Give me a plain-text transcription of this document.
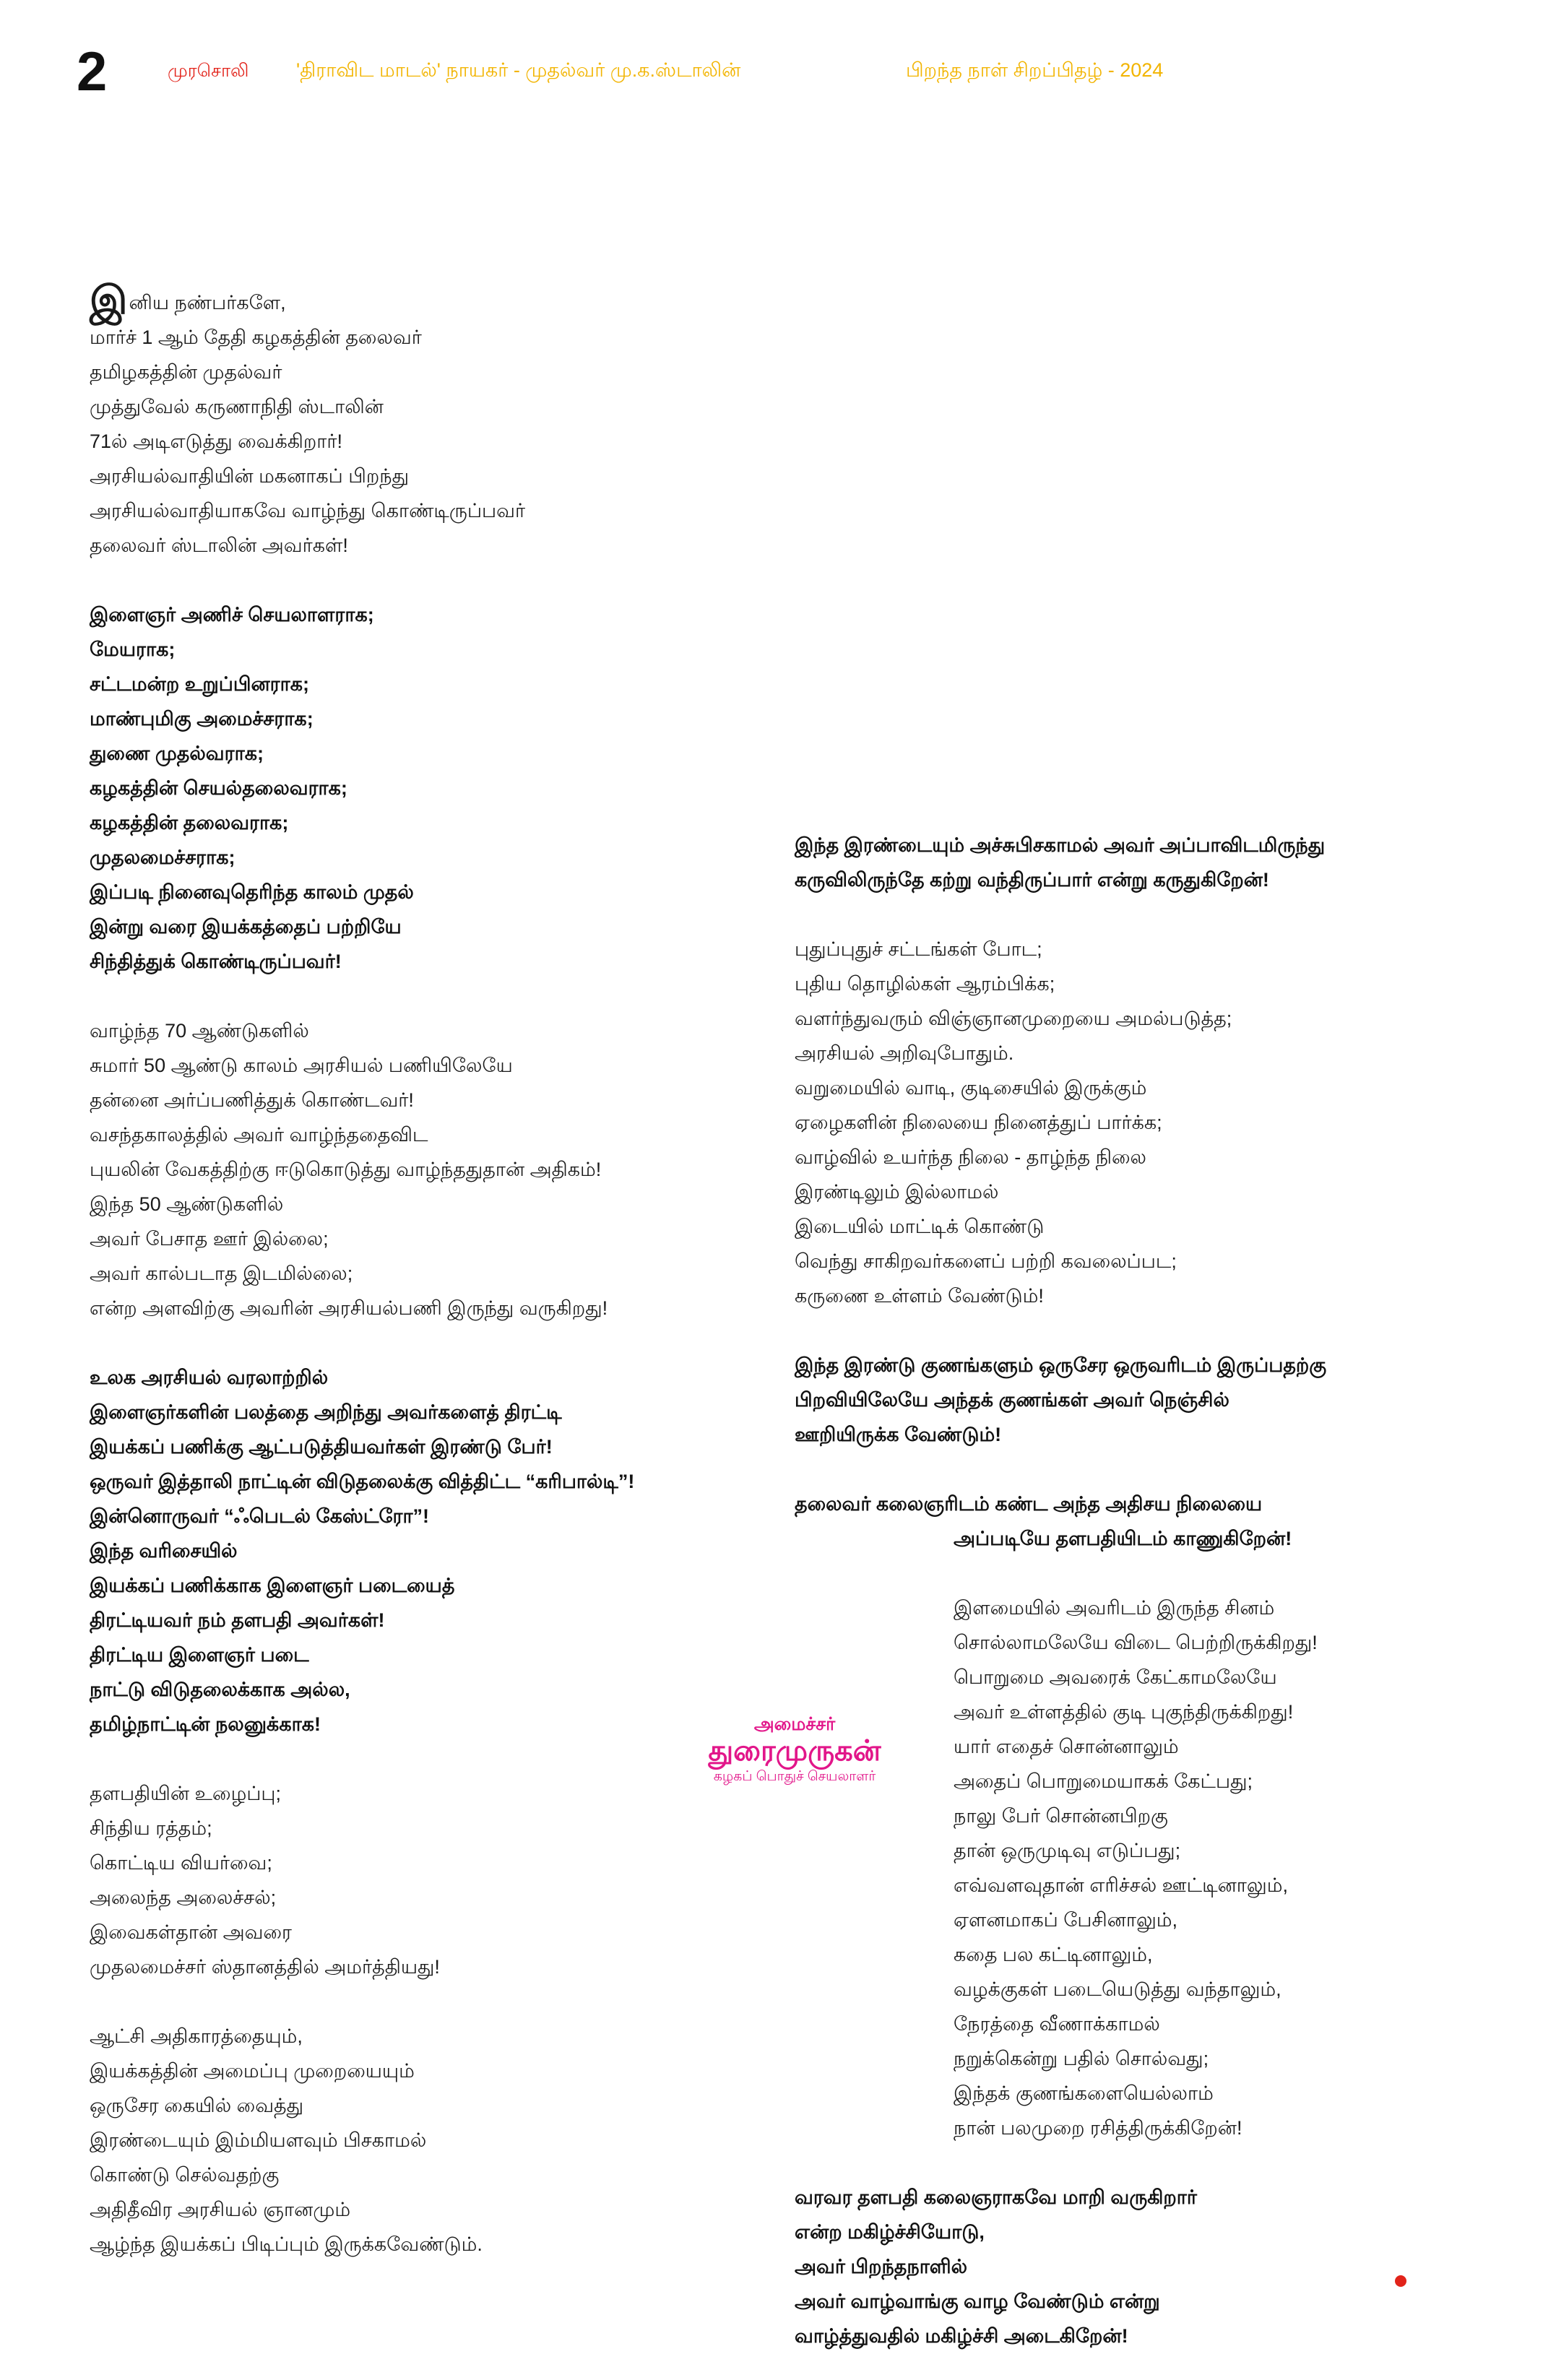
2	முரசொலி 'திராவிட மாடல்' நாயகர் - முதல்வர் மு.க.ஸ்டாலின்	பிறந்த நாள் சிறப்பிதழ் - 2024
இனிய நண்பர்களே,
மார்ச் 1 ஆம் தேதி கழகத்தின் தலைவர்
தமிழகத்தின் முதல்வர்
முத்துவேல் கருணாநிதி ஸ்டாலின்
71ல் அடிஎடுத்து வைக்கிறார்!
அரசியல்வாதியின் மகனாகப் பிறந்து
அரசியல்வாதியாகவே வாழ்ந்து கொண்டிருப்பவர்
தலைவர் ஸ்டாலின் அவர்கள்!
இளைஞர் அணிச் செயலாளராக;
மேயராக;
சட்டமன்ற உறுப்பினராக;
மாண்புமிகு அமைச்சராக;
துணை முதல்வராக;
கழகத்தின் செயல்தலைவராக;
கழகத்தின் தலைவராக;
முதலமைச்சராக;
இப்படி நினைவுதெரிந்த காலம் முதல்
இன்று வரை இயக்கத்தைப் பற்றியே
சிந்தித்துக் கொண்டிருப்பவர்!
வாழ்ந்த 70 ஆண்டுகளில்
சுமார் 50 ஆண்டு காலம் அரசியல் பணியிலேயே
தன்னை அர்ப்பணித்துக் கொண்டவர்!
வசந்தகாலத்தில் அவர் வாழ்ந்ததைவிட
புயலின் வேகத்திற்கு ஈடுகொடுத்து வாழ்ந்ததுதான் அதிகம்!
இந்த 50 ஆண்டுகளில்
அவர் பேசாத ஊர் இல்லை;
அவர் கால்படாத இடமில்லை;
என்ற அளவிற்கு அவரின் அரசியல்பணி இருந்து வருகிறது!
உலக அரசியல் வரலாற்றில்
இளைஞர்களின் பலத்தை அறிந்து அவர்களைத் திரட்டி
இயக்கப் பணிக்கு ஆட்படுத்தியவர்கள் இரண்டு பேர்!
ஒருவர் இத்தாலி நாட்டின் விடுதலைக்கு வித்திட்ட “கரிபால்டி”!
இன்னொருவர் “ஃபெடல் கேஸ்ட்ரோ”!
இந்த வரிசையில்
இயக்கப் பணிக்காக இளைஞர் படையைத்
திரட்டியவர் நம் தளபதி அவர்கள்!
திரட்டிய இளைஞர் படை
நாட்டு விடுதலைக்காக அல்ல,
தமிழ்நாட்டின் நலனுக்காக!
தளபதியின் உழைப்பு;
சிந்திய ரத்தம்;
கொட்டிய வியர்வை;
அலைந்த அலைச்சல்;
இவைகள்தான் அவரை
முதலமைச்சர் ஸ்தானத்தில் அமர்த்தியது!
ஆட்சி அதிகாரத்தையும்,
இயக்கத்தின் அமைப்பு முறையையும்
ஒருசேர கையில் வைத்து
இரண்டையும் இம்மியளவும் பிசகாமல்
கொண்டு செல்வதற்கு
அதிதீவிர அரசியல் ஞானமும்
ஆழ்ந்த இயக்கப் பிடிப்பும் இருக்கவேண்டும்.
இந்த இரண்டையும் அச்சுபிசகாமல் அவர் அப்பாவிடமிருந்து
கருவிலிருந்தே கற்று வந்திருப்பார் என்று கருதுகிறேன்!
புதுப்புதுச் சட்டங்கள் போட;
புதிய தொழில்கள் ஆரம்பிக்க;
வளர்ந்துவரும் விஞ்ஞானமுறையை அமல்படுத்த;
அரசியல் அறிவுபோதும்.
வறுமையில் வாடி, குடிசையில் இருக்கும்
ஏழைகளின் நிலையை நினைத்துப் பார்க்க;
வாழ்வில் உயர்ந்த நிலை - தாழ்ந்த நிலை
இரண்டிலும் இல்லாமல்
இடையில் மாட்டிக் கொண்டு
வெந்து சாகிறவர்களைப் பற்றி கவலைப்பட;
கருணை உள்ளம் வேண்டும்!
இந்த இரண்டு குணங்களும் ஒருசேர ஒருவரிடம் இருப்பதற்கு
பிறவியிலேயே அந்தக் குணங்கள் அவர் நெஞ்சில்
ஊறியிருக்க வேண்டும்!
தலைவர் கலைஞரிடம் கண்ட அந்த அதிசய நிலையை
அப்படியே தளபதியிடம் காணுகிறேன்!
இளமையில் அவரிடம் இருந்த சினம்
சொல்லாமலேயே விடை பெற்றிருக்கிறது!
பொறுமை அவரைக் கேட்காமலேயே
அவர் உள்ளத்தில் குடி புகுந்திருக்கிறது!
யார் எதைச் சொன்னாலும்
அதைப் பொறுமையாகக் கேட்பது;
நாலு பேர் சொன்னபிறகு
தான் ஒருமுடிவு எடுப்பது;
எவ்வளவுதான் எரிச்சல் ஊட்டினாலும்,
ஏளனமாகப் பேசினாலும்,
கதை பல கட்டினாலும்,
வழக்குகள் படையெடுத்து வந்தாலும்,
நேரத்தை வீணாக்காமல்
நறுக்கென்று பதில் சொல்வது;
இந்தக் குணங்களையெல்லாம்
நான் பலமுறை ரசித்திருக்கிறேன்!
வரவர தளபதி கலைஞராகவே மாறி வருகிறார்
என்ற மகிழ்ச்சியோடு,
அவர் பிறந்தநாளில்
அவர் வாழ்வாங்கு வாழ வேண்டும் என்று
வாழ்த்துவதில் மகிழ்ச்சி அடைகிறேன்!
அமைச்சர்
துரைமுருகன்
கழகப் பொதுச் செயலாளர்
